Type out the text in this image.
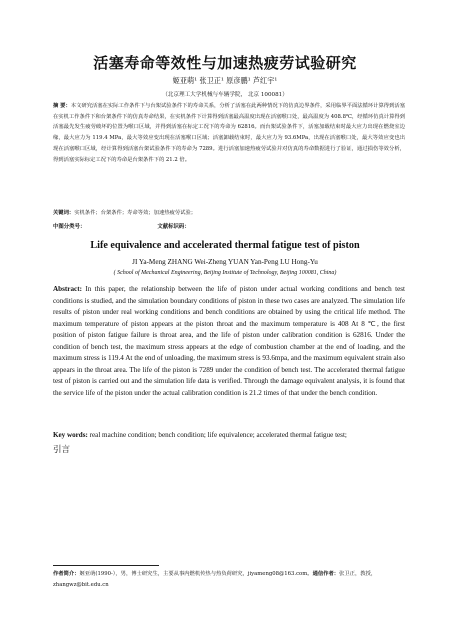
活塞寿命等效性与加速热疲劳试验研究
姬亚萌¹ 张卫正¹ 原彦鹏¹ 芦红宇¹
（北京理工大学机械与车辆学院， 北京 100081）
摘 要：本文研究活塞在实际工作条件下与台架试验条件下的寿命关系，分析了活塞在此两种情况下的仿真边界条件，采用临界平面法循环计算得到活塞在实机工作条件下和台架条件下的仿真寿命结果，在实机条件下计算得到活塞最高温度出现在活塞喉口处，最高温度为 408.8℃，经循环仿真计算得到活塞最先发生疲劳破坏的位置为喉口区域，并得到活塞在标定工况下的寿命为 62816。而台架试验条件下，活塞加载结束时最大应力出现在燃烧室边缘，最大应力为 119.4 MPa，最大等效应变出现在活塞喉口区域；活塞卸载结束时，最大应力为 93.6MPa，出现在活塞喉口处，最大等效应变也出现在活塞喉口区域，经计算得到活塞台架试验条件下的寿命为 7289。进行活塞加速热疲劳试验并对仿真的寿命数据进行了验证，通过损伤等效分析，得到活塞实际标定工况下的寿命是台架条件下的 21.2 倍。
关键词：实机条件；台架条件；寿命等效；加速热疲劳试验；
中图分类号：	文献标识码：
Life equivalence and accelerated thermal fatigue test of piston
JI Ya-Meng ZHANG Wei-Zheng YUAN Yan-Peng LU Hong-Yu
( School of Mechanical Engineering, Beijing Institute of Technology, Beijing 100081, China)
Abstract: In this paper, the relationship between the life of piston under actual working conditions and bench test conditions is studied, and the simulation boundary conditions of piston in these two cases are analyzed. The simulation life results of piston under real working conditions and bench conditions are obtained by using the critical life method. The maximum temperature of piston appears at the piston throat and the maximum temperature is 408 At 8 ℃, the first position of piston fatigue failure is throat area, and the life of piston under calibration condition is 62816. Under the condition of bench test, the maximum stress appears at the edge of combustion chamber at the end of loading, and the maximum stress is 119.4 At the end of unloading, the maximum stress is 93.6mpa, and the maximum equivalent strain also appears in the throat area. The life of the piston is 7289 under the condition of bench test. The accelerated thermal fatigue test of piston is carried out and the simulation life data is verified. Through the damage equivalent analysis, it is found that the service life of the piston under the actual calibration condition is 21.2 times of that under the bench condition.
Key words: real machine condition; bench condition; life equivalence; accelerated thermal fatigue test;
引言
作者简介：姬亚萌(1990-），男，博士研究生，主要从事内燃机传热与热负荷研究，jiyameng08@163.com。通信作者：张卫正，教授，zhangwz@bit.edu.cn
